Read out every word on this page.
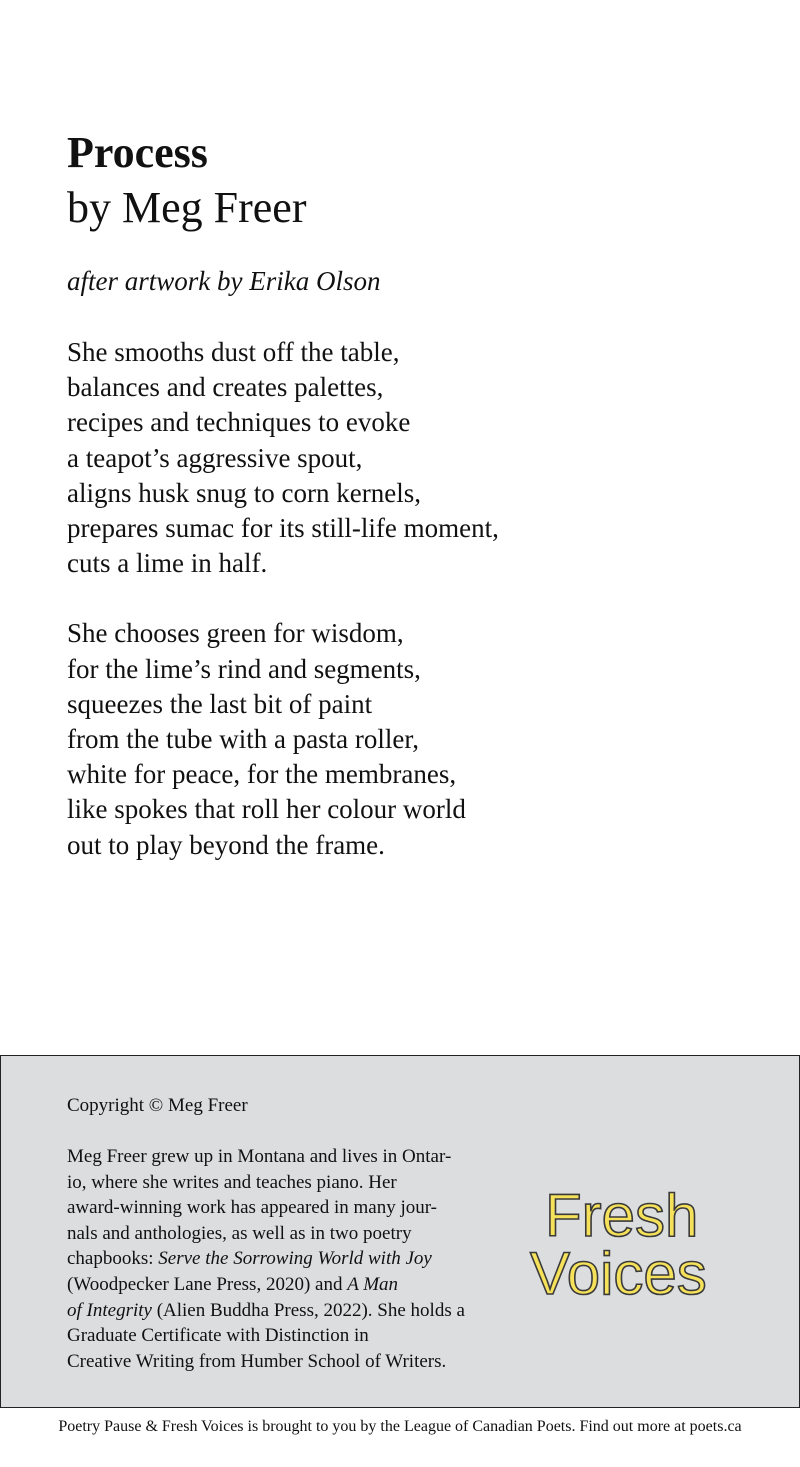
Process

by Meg Freer

after artwork by Erika Olson

She smooths dust off the table,
balances and creates palettes,
recipes and techniques to evoke
a teapot’s aggressive spout,
aligns husk snug to corn kernels,
prepares sumac for its still-life moment,
cuts a lime in half.

She chooses green for wisdom,
for the lime’s rind and segments,
squeezes the last bit of paint
from the tube with a pasta roller,
white for peace, for the membranes,
like spokes that roll her colour world
out to play beyond the frame.

Copyright © Meg Freer

Meg Freer grew up in Montana and lives in Ontar-
io, where she writes and teaches piano. Her
award-winning work has appeared in many jour-
nals and anthologies, as well as in two poetry
chapbooks: Serve the Sorrowing World with Joy
(Woodpecker Lane Press, 2020) and A Man
of Integrity (Alien Buddha Press, 2022). She holds a
Graduate Certificate with Distinction in
Creative Writing from Humber School of Writers.

Fresh
Voices

Poetry Pause & Fresh Voices is brought to you by the League of Canadian Poets. Find out more at poets.ca
